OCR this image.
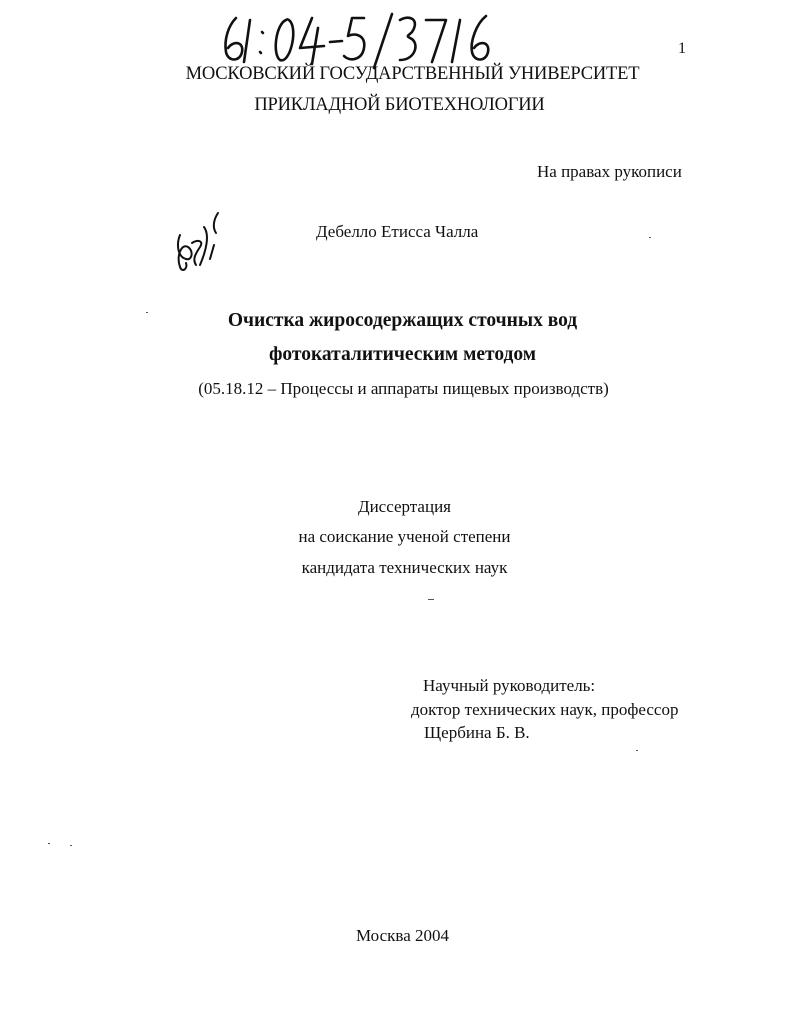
1
МОСКОВСКИЙ ГОСУДАРСТВЕННЫЙ УНИВЕРСИТЕТ
ПРИКЛАДНОЙ БИОТЕХНОЛОГИИ
На правах рукописи
Дебелло Етисса Чалла
Очистка жиросодержащих сточных вод
фотокаталитическим методом
(05.18.12 – Процессы и аппараты пищевых производств)
Диссертация
на соискание ученой степени
кандидата технических наук
Научный руководитель:
доктор технических наук, профессор
Щербина Б. В.
Москва 2004
